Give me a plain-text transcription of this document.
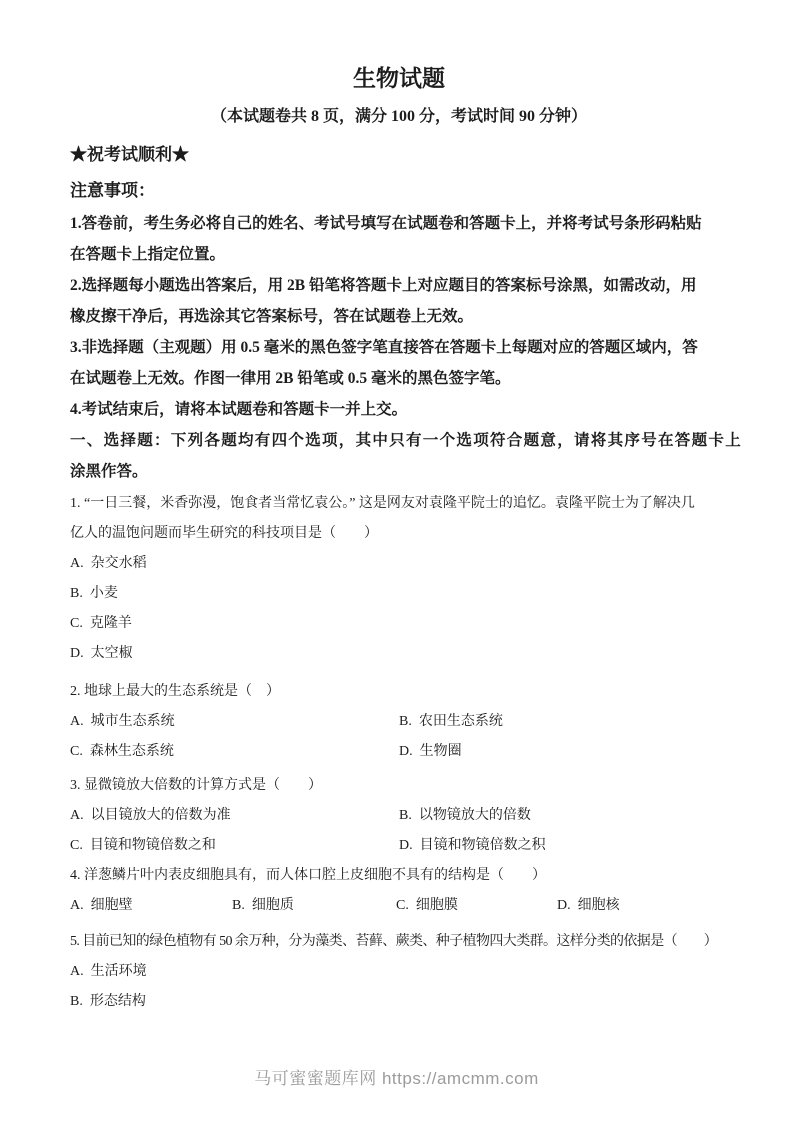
生物试题
（本试题卷共 8 页，满分 100 分，考试时间 90 分钟）
★祝考试顺利★
注意事项：
1.答卷前，考生务必将自己的姓名、考试号填写在试题卷和答题卡上，并将考试号条形码粘贴
在答题卡上指定位置。
2.选择题每小题选出答案后，用 2B 铅笔将答题卡上对应题目的答案标号涂黑，如需改动，用
橡皮擦干净后，再选涂其它答案标号，答在试题卷上无效。
3.非选择题（主观题）用 0.5 毫米的黑色签字笔直接答在答题卡上每题对应的答题区域内，答
在试题卷上无效。作图一律用 2B 铅笔或 0.5 毫米的黑色签字笔。
4.考试结束后，请将本试题卷和答题卡一并上交。
一、选择题：下列各题均有四个选项，其中只有一个选项符合题意，请将其序号在答题卡上
涂黑作答。
1. “一日三餐，米香弥漫，饱食者当常忆袁公。” 这是网友对袁隆平院士的追忆。袁隆平院士为了解决几
亿人的温饱问题而毕生研究的科技项目是（　　）
A.  杂交水稻
B.  小麦
C.  克隆羊
D.  太空椒
2. 地球上最大的生态系统是（　）
A.  城市生态系统	B.  农田生态系统
C.  森林生态系统	D.  生物圈
3. 显微镜放大倍数的计算方式是（　　）
A.  以目镜放大的倍数为准	B.  以物镜放大的倍数
C.  目镜和物镜倍数之和	D.  目镜和物镜倍数之积
4. 洋葱鳞片叶内表皮细胞具有，而人体口腔上皮细胞不具有的结构是（　　）
A.  细胞壁	B.  细胞质	C.  细胞膜	D.  细胞核
5. 目前已知的绿色植物有 50 余万种，分为藻类、苔藓、蕨类、种子植物四大类群。这样分类的依据是（　　）
A.  生活环境
B.  形态结构
马可蜜蜜题库网 https://amcmm.com
